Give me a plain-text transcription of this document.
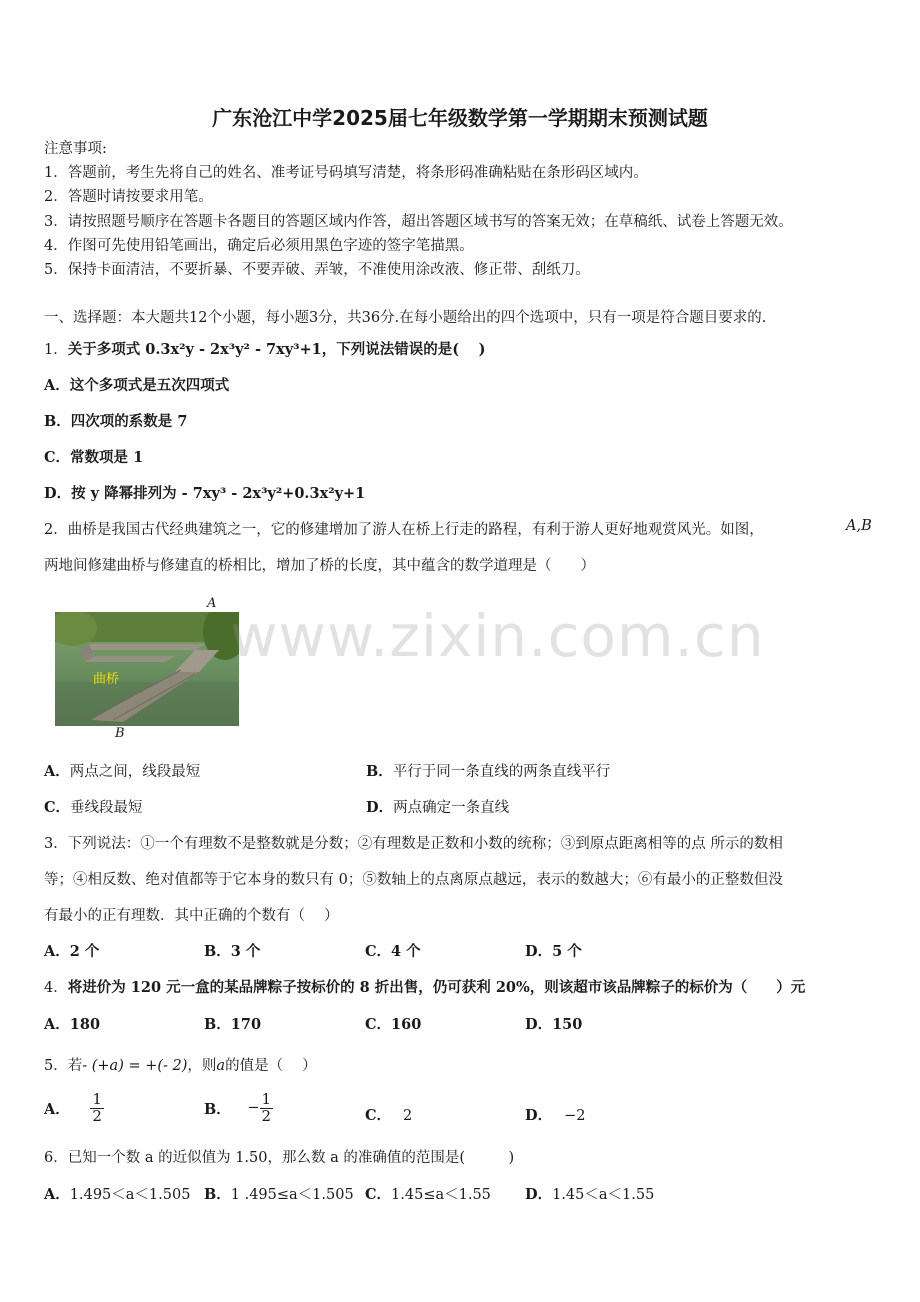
广东沧江中学2025届七年级数学第一学期期末预测试题
注意事项:
1．答题前，考生先将自己的姓名、准考证号码填写清楚，将条形码准确粘贴在条形码区域内。
2．答题时请按要求用笔。
3．请按照题号顺序在答题卡各题目的答题区域内作答，超出答题区域书写的答案无效；在草稿纸、试卷上答题无效。
4．作图可先使用铅笔画出，确定后必须用黑色字迹的签字笔描黑。
5．保持卡面清洁，不要折暴、不要弄破、弄皱，不准使用涂改液、修正带、刮纸刀。
一、选择题：本大题共12个小题，每小题3分，共36分.在每小题给出的四个选项中，只有一项是符合题目要求的.
1．关于多项式 0.3x²y - 2x³y² - 7xy³+1，下列说法错误的是(　 )
A．这个多项式是五次四项式
B．四次项的系数是 7
C．常数项是 1
D．按 y 降幂排列为 - 7xy³ - 2x³y²+0.3x²y+1
2．曲桥是我国古代经典建筑之一，它的修建增加了游人在桥上行走的路程，有利于游人更好地观赏风光。如图，	A,B
两地间修建曲桥与修建直的桥相比，增加了桥的长度，其中蕴含的数学道理是（　　）
A
曲桥
B
www.zixin.com.cn
A．两点之间，线段最短	B．平行于同一条直线的两条直线平行
C．垂线段最短	D．两点确定一条直线
3．下列说法：①一个有理数不是整数就是分数；②有理数是正数和小数的统称；③到原点距离相等的点 所示的数相
等；④相反数、绝对值都等于它本身的数只有 0；⑤数轴上的点离原点越远，表示的数越大；⑥有最小的正整数但没
有最小的正有理数．其中正确的个数有（　 ）
A．2 个	B．3 个	C．4 个	D．5 个
4．将进价为 120 元一盒的某品牌粽子按标价的 8 折出售，仍可获利 20%，则该超市该品牌粽子的标价为（　　）元
A．180	B．170	C．160	D．150
5．若- (+a) = +(- 2)，则a的值是（　 ）
A． $\frac{1}{2}$	B． − $\frac{1}{2}$	C． 2	D． −2
6．已知一个数 a 的近似值为 1.50，那么数 a 的准确值的范围是(　　　)
A．1.495＜a＜1.505 B．1 .495≤a＜1.505 C．1.45≤a＜1.55 D．1.45＜a＜1.55
